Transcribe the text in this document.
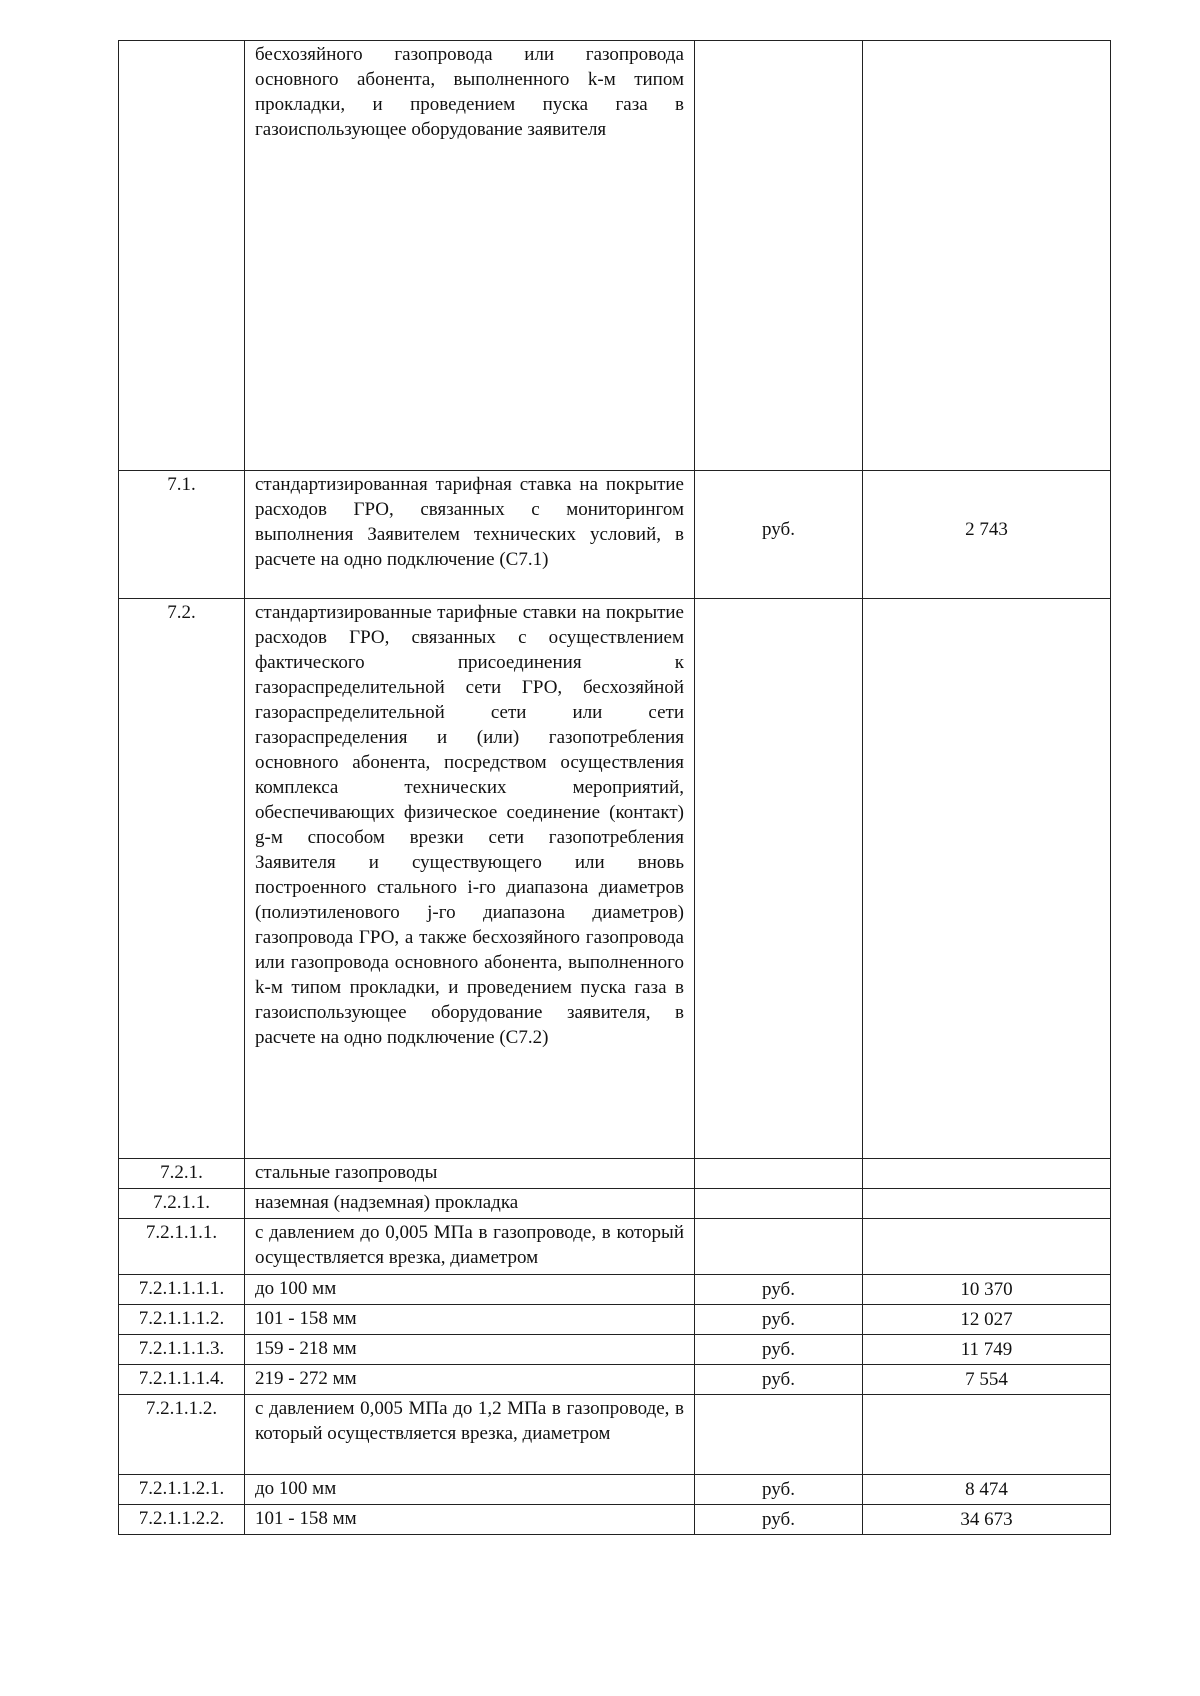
	бесхозяйного газопровода или газопровода основного абонента, выполненного k-м типом прокладки, и проведением пуска газа в газоиспользующее оборудование заявителя		
7.1.	стандартизированная тарифная ставка на покрытие расходов ГРО, связанных с мониторингом выполнения Заявителем технических условий, в расчете на одно подключение (С7.1)	руб.	2 743
7.2.	стандартизированные тарифные ставки на покрытие расходов ГРО, связанных с осуществлением фактического присоединения к газораспределительной сети ГРО, бесхозяйной газораспределительной сети или сети газораспределения и (или) газопотребления основного абонента, посредством осуществления комплекса технических мероприятий, обеспечивающих физическое соединение (контакт) g-м способом врезки сети газопотребления Заявителя и существующего или вновь построенного стального i-го диапазона диаметров (полиэтиленового j-го диапазона диаметров) газопровода ГРО, а также бесхозяйного газопровода или газопровода основного абонента, выполненного k-м типом прокладки, и проведением пуска газа в газоиспользующее оборудование заявителя, в расчете на одно подключение (С7.2)		
7.2.1.	стальные газопроводы		
7.2.1.1.	наземная (надземная) прокладка		
7.2.1.1.1.	с давлением до 0,005 МПа в газопроводе, в который осуществляется врезка, диаметром		
7.2.1.1.1.1.	до 100 мм	руб.	10 370
7.2.1.1.1.2.	101 - 158 мм	руб.	12 027
7.2.1.1.1.3.	159 - 218 мм	руб.	11 749
7.2.1.1.1.4.	219 - 272 мм	руб.	7 554
7.2.1.1.2.	с давлением 0,005 МПа до 1,2 МПа в газопроводе, в который осуществляется врезка, диаметром		
7.2.1.1.2.1.	до 100 мм	руб.	8 474
7.2.1.1.2.2.	101 - 158 мм	руб.	34 673
